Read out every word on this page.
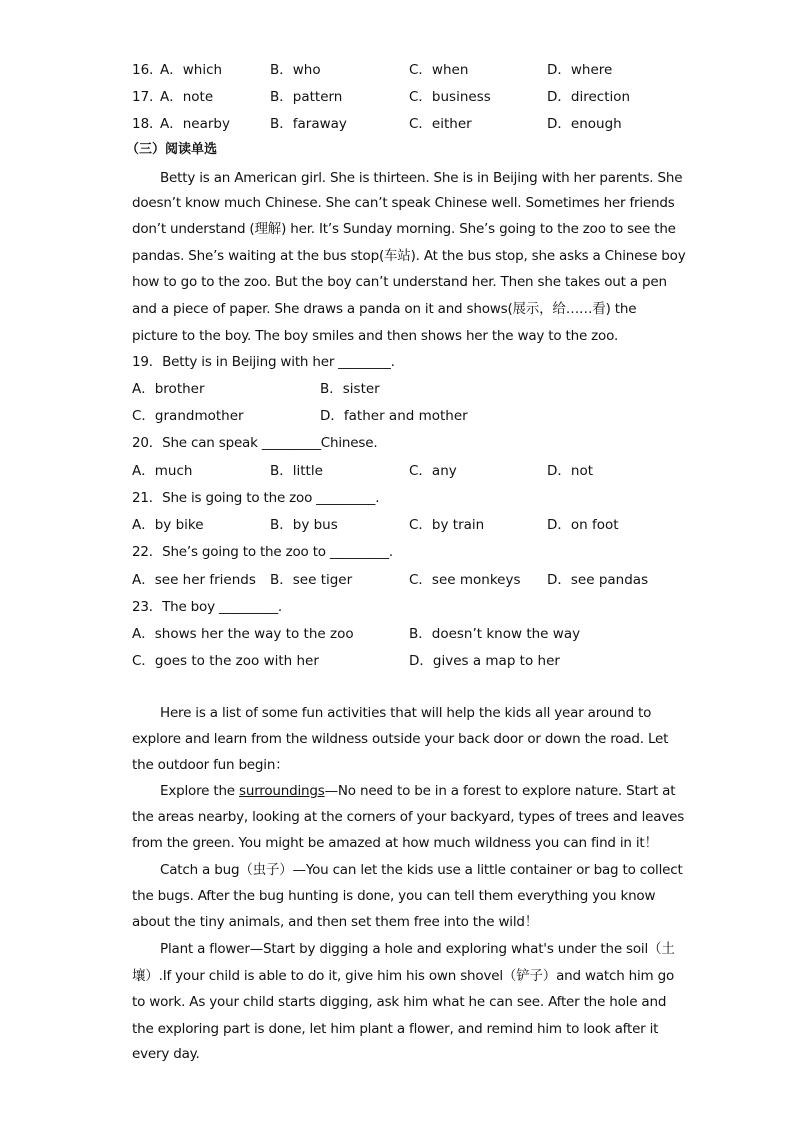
16．
A．which	B．who	C．when	D．where
17．
A．note	B．pattern	C．business	D．direction
18．
A．nearby	B．faraway	C．either	D．enough
（三）阅读单选
Betty is an American girl. She is thirteen. She is in Beijing with her parents. She
doesn’t know much Chinese. She can’t speak Chinese well. Sometimes her friends
don’t understand (理解) her. It’s Sunday morning. She’s going to the zoo to see the
pandas. She’s waiting at the bus stop(车站). At the bus stop, she asks a Chinese boy
how to go to the zoo. But the boy can’t understand her. Then she takes out a pen
and a piece of paper. She draws a panda on it and shows(展示，给……看) the
picture to the boy. The boy smiles and then shows her the way to the zoo.
19．Betty is in Beijing with her ________.
A．brother	B．sister
C．grandmother	D．father and mother
20．She can speak _________Chinese.
A．much	B．little	C．any	D．not
21．She is going to the zoo _________.
A．by bike	B．by bus	C．by train	D．on foot
22．She’s going to the zoo to _________.
A．see her friends B．see tiger	C．see monkeys D．see pandas
23．The boy _________.
A．shows her the way to the zoo	B．doesn’t know the way
C．goes to the zoo with her	D．gives a map to her
Here is a list of some fun activities that will help the kids all year around to
explore and learn from the wildness outside your back door or down the road. Let
the outdoor fun begin：
Explore the surroundings—No need to be in a forest to explore nature. Start at
the areas nearby, looking at the corners of your backyard, types of trees and leaves
from the green. You might be amazed at how much wildness you can find in it！
Catch a bug（虫子）—You can let the kids use a little container or bag to collect
the bugs. After the bug hunting is done, you can tell them everything you know
about the tiny animals, and then set them free into the wild！
Plant a flower—Start by digging a hole and exploring what's under the soil（土
壤）.If your child is able to do it, give him his own shovel（铲子）and watch him go
to work. As your child starts digging, ask him what he can see. After the hole and
the exploring part is done, let him plant a flower, and remind him to look after it
every day.
